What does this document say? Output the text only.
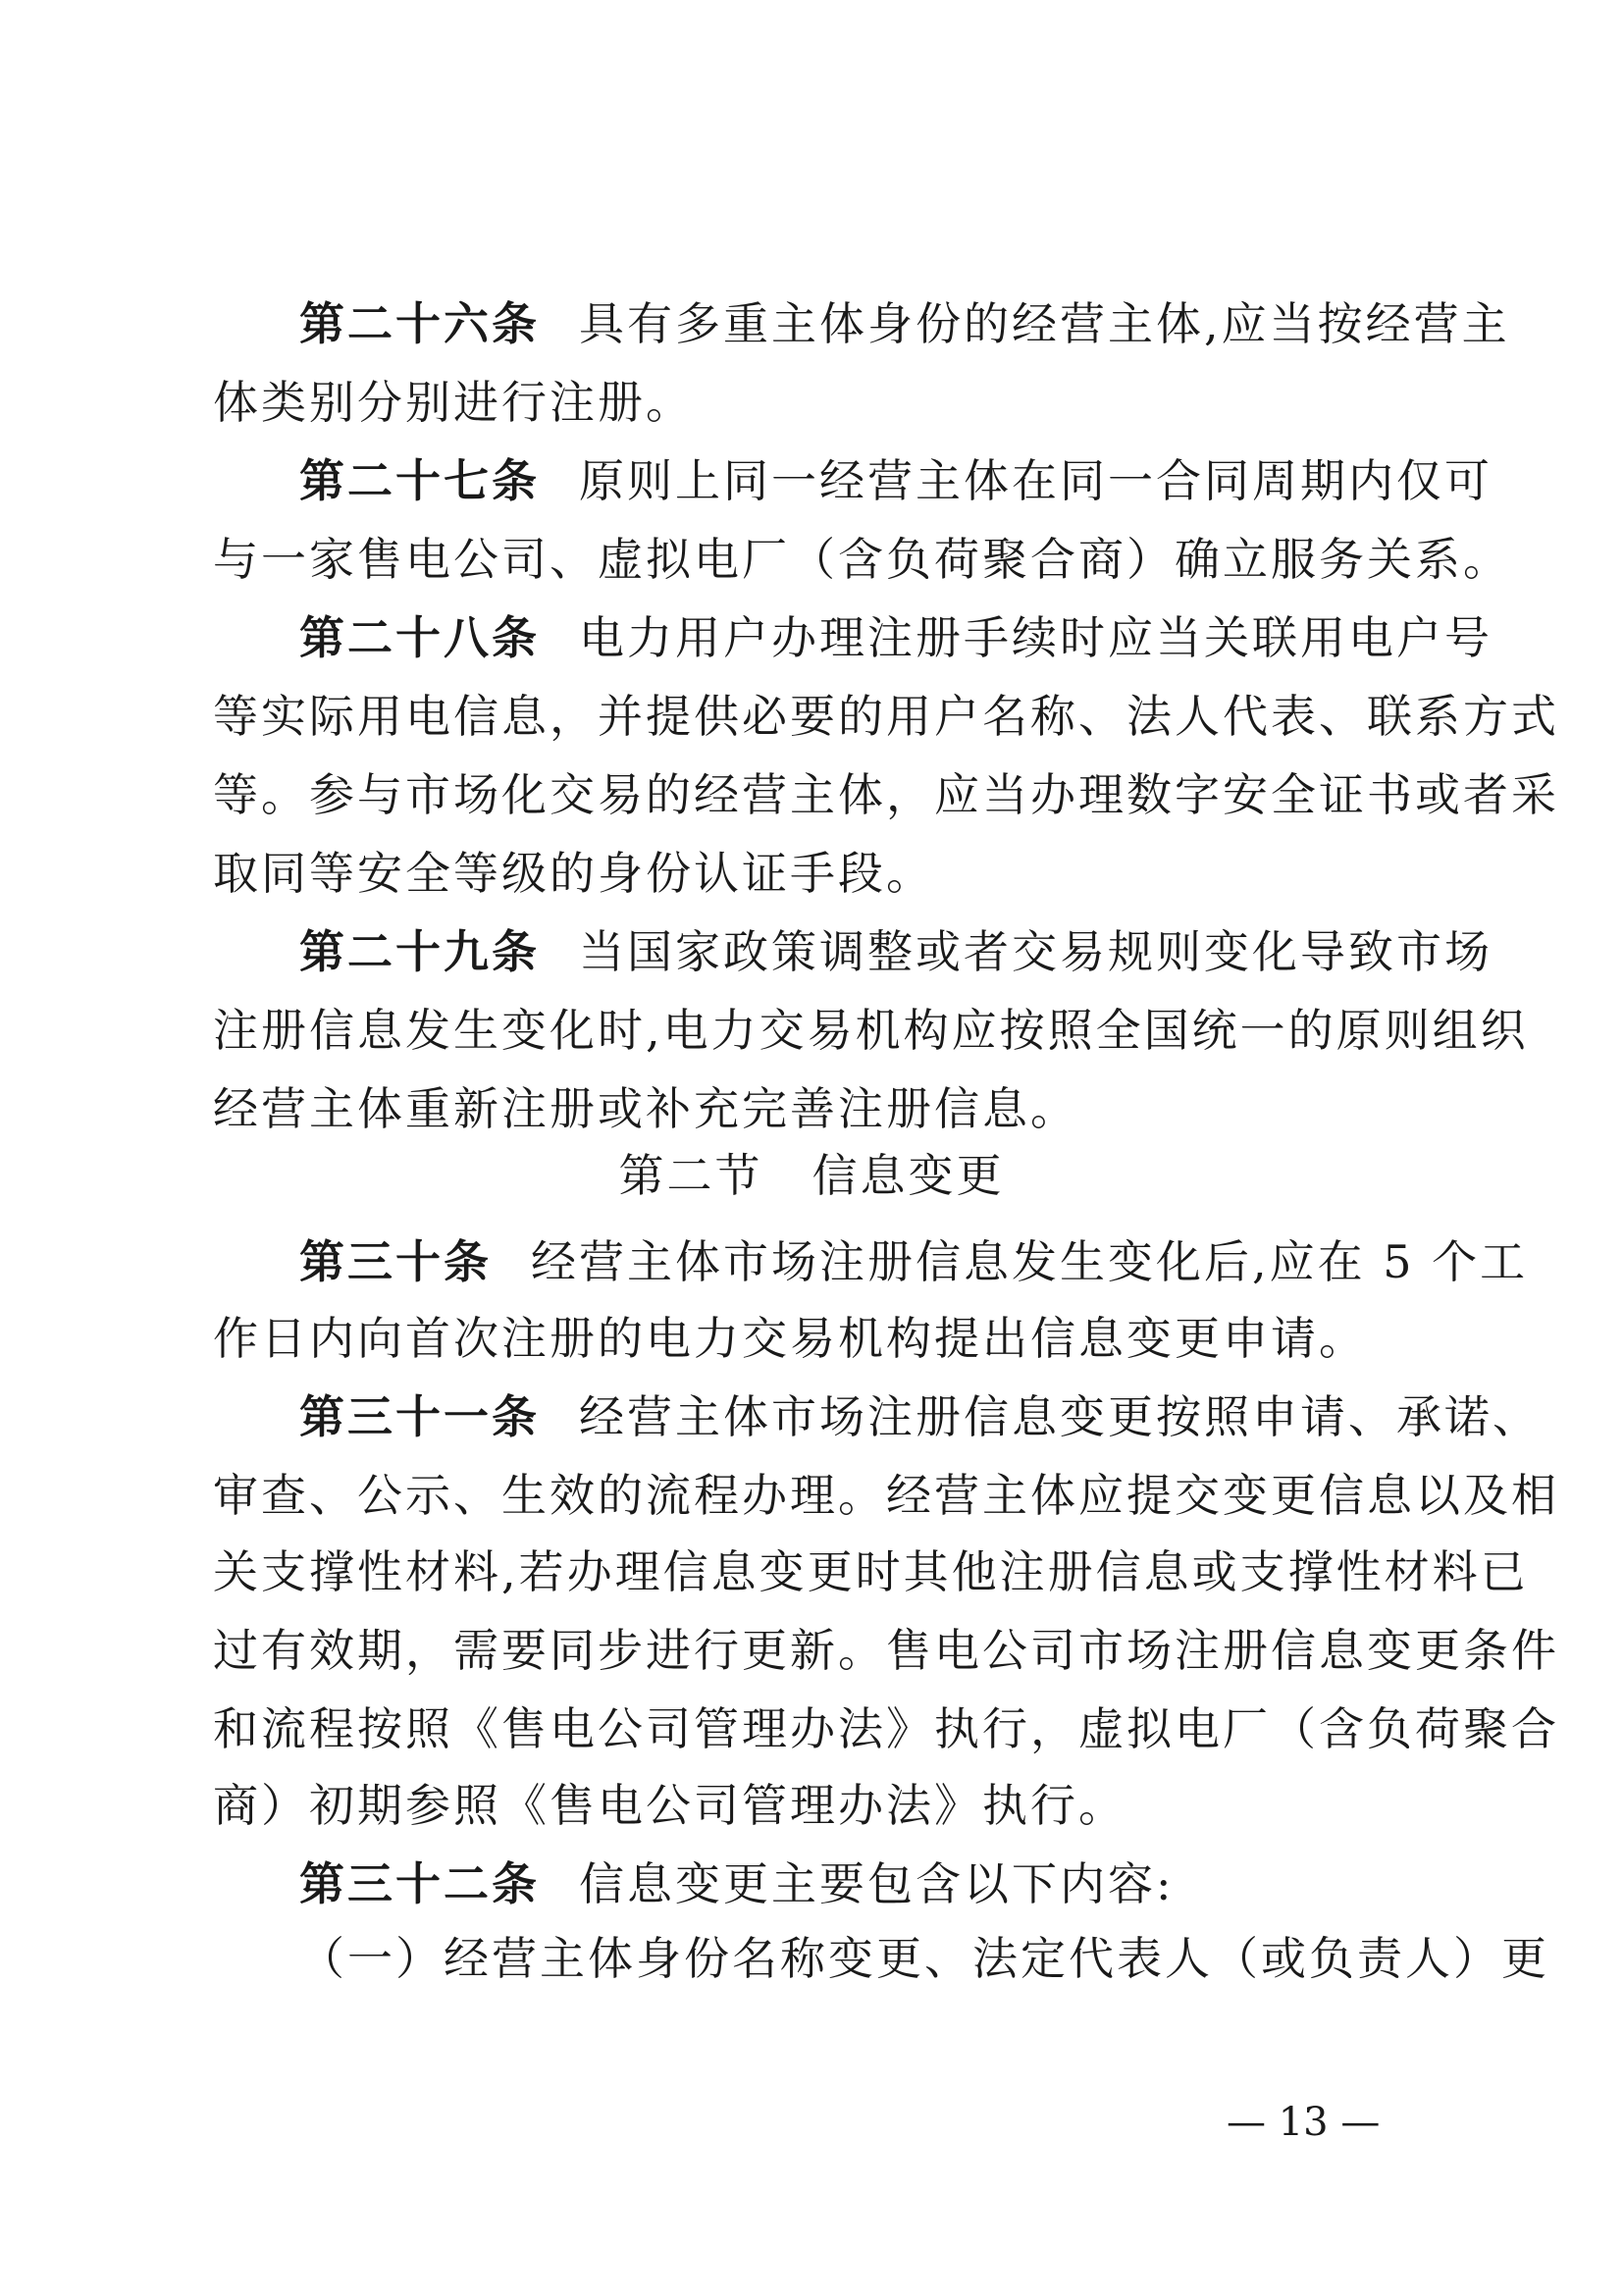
第二十六条 具有多重主体身份的经营主体,应当按经营主
体类别分别进行注册。
第二十七条 原则上同一经营主体在同一合同周期内仅可
与一家售电公司、虚拟电厂（含负荷聚合商）确立服务关系。
第二十八条 电力用户办理注册手续时应当关联用电户号
等实际用电信息，并提供必要的用户名称、法人代表、联系方式
等。参与市场化交易的经营主体，应当办理数字安全证书或者采
取同等安全等级的身份认证手段。
第二十九条 当国家政策调整或者交易规则变化导致市场
注册信息发生变化时,电力交易机构应按照全国统一的原则组织
经营主体重新注册或补充完善注册信息。
第二节 信息变更
第三十条 经营主体市场注册信息发生变化后,应在 5 个工
作日内向首次注册的电力交易机构提出信息变更申请。
第三十一条 经营主体市场注册信息变更按照申请、承诺、
审查、公示、生效的流程办理。经营主体应提交变更信息以及相
关支撑性材料,若办理信息变更时其他注册信息或支撑性材料已
过有效期，需要同步进行更新。售电公司市场注册信息变更条件
和流程按照《售电公司管理办法》执行，虚拟电厂（含负荷聚合
商）初期参照《售电公司管理办法》执行。
第三十二条 信息变更主要包含以下内容:
（一）经营主体身份名称变更、法定代表人（或负责人）更
— 13 —
